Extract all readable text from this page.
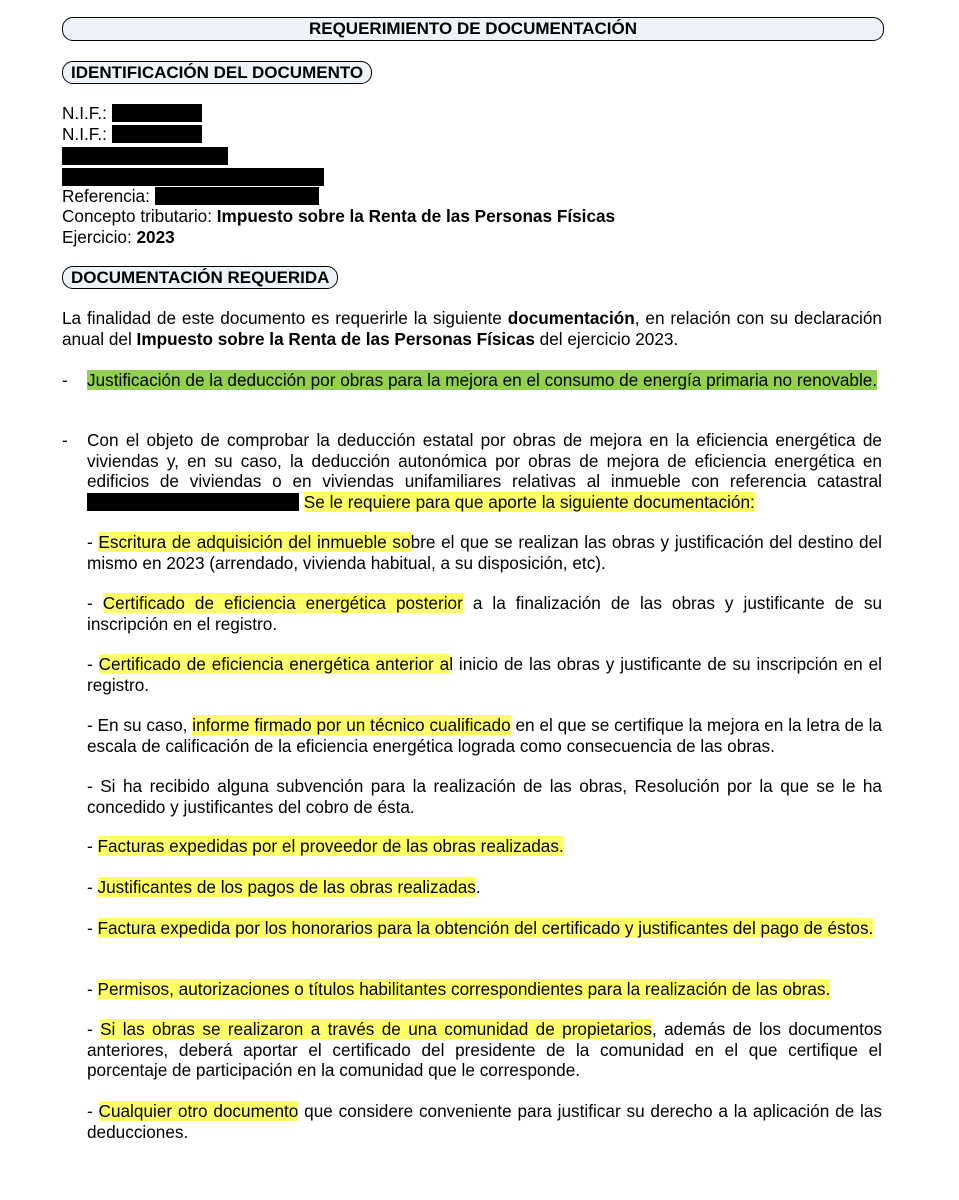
REQUERIMIENTO DE DOCUMENTACIÓN
IDENTIFICACIÓN DEL DOCUMENTO
N.I.F.:
N.I.F.:
Referencia:
Concepto tributario: Impuesto sobre la Renta de las Personas Físicas
Ejercicio: 2023
DOCUMENTACIÓN REQUERIDA
La finalidad de este documento es requerirle la siguiente documentación, en relación con su declaración anual del Impuesto sobre la Renta de las Personas Físicas del ejercicio 2023.
- Justificación de la deducción por obras para la mejora en el consumo de energía primaria no renovable.
- Con el objeto de comprobar la deducción estatal por obras de mejora en la eficiencia energética de viviendas y, en su caso, la deducción autonómica por obras de mejora de eficiencia energética en edificios de viviendas o en viviendas unifamiliares relativas al inmueble con referencia catastral  Se le requiere para que aporte la siguiente documentación:
- Escritura de adquisición del inmueble sobre el que se realizan las obras y justificación del destino del mismo en 2023 (arrendado, vivienda habitual, a su disposición, etc).
- Certificado de eficiencia energética posterior a la finalización de las obras y justificante de su inscripción en el registro.
- Certificado de eficiencia energética anterior al inicio de las obras y justificante de su inscripción en el registro.
- En su caso, informe firmado por un técnico cualificado en el que se certifique la mejora en la letra de la escala de calificación de la eficiencia energética lograda como consecuencia de las obras.
- Si ha recibido alguna subvención para la realización de las obras, Resolución por la que se le ha concedido y justificantes del cobro de ésta.
- Facturas expedidas por el proveedor de las obras realizadas.
- Justificantes de los pagos de las obras realizadas.
- Factura expedida por los honorarios para la obtención del certificado y justificantes del pago de éstos.
- Permisos, autorizaciones o títulos habilitantes correspondientes para la realización de las obras.
- Si las obras se realizaron a través de una comunidad de propietarios, además de los documentos anteriores, deberá aportar el certificado del presidente de la comunidad en el que certifique el porcentaje de participación en la comunidad que le corresponde.
- Cualquier otro documento que considere conveniente para justificar su derecho a la aplicación de las deducciones.
